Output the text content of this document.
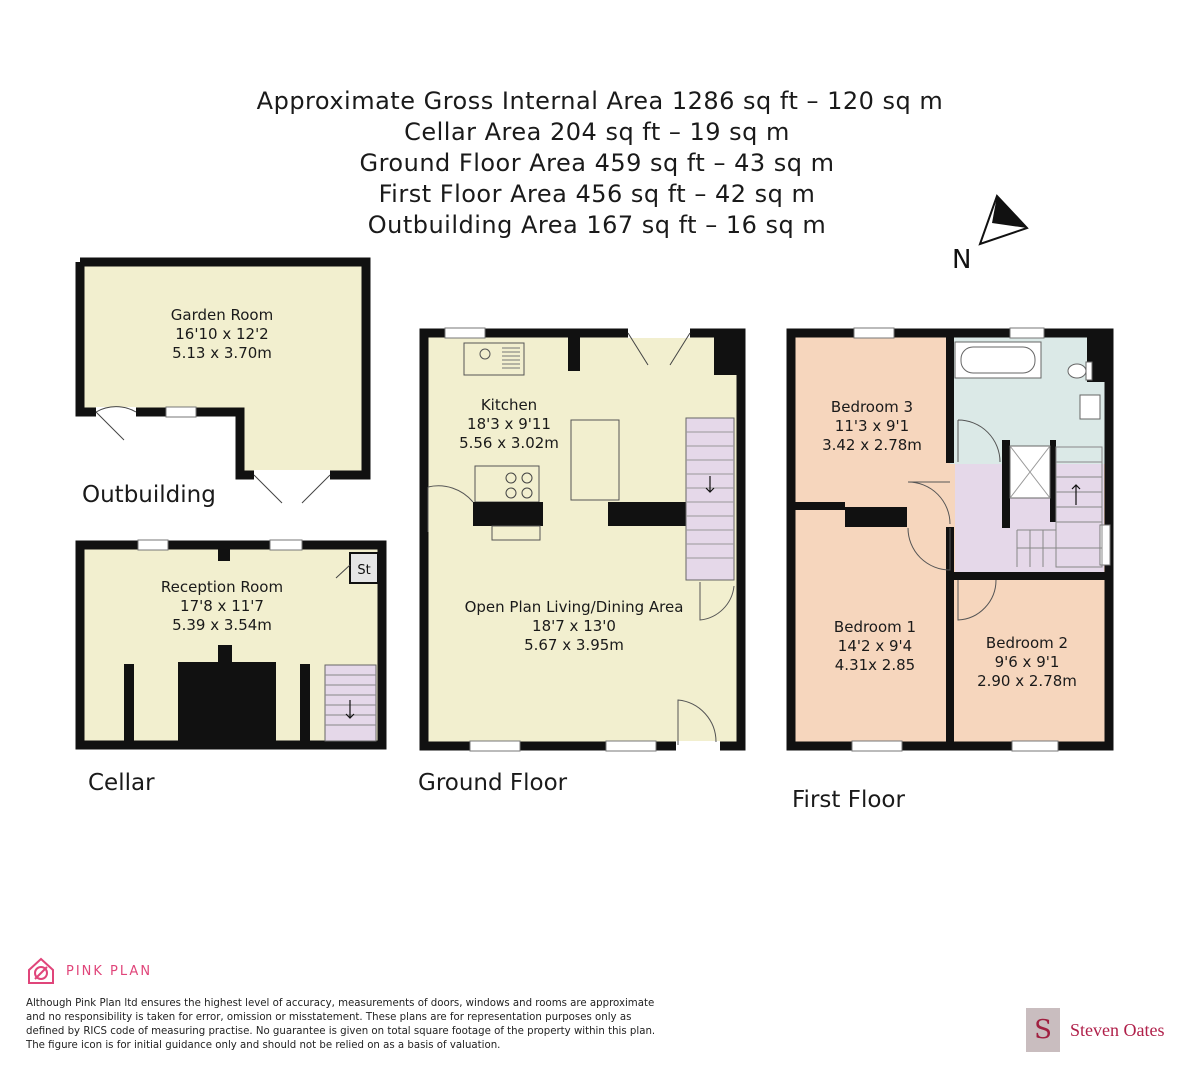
Approximate Gross Internal Area 1286 sq ft – 120 sq m
Cellar Area 204 sq ft – 19 sq m
Ground Floor Area 459 sq ft – 43 sq m
First Floor Area 456 sq ft – 42 sq m
Outbuilding Area 167 sq ft – 16 sq m
N
Garden Room
16'10 x 12'2
5.13 x 3.70m
Outbuilding
St
Reception Room
17'8 x 11'7
5.39 x 3.54m
Cellar
Kitchen
18'3 x 9'11
5.56 x 3.02m
Open Plan Living/Dining Area
18'7 x 13'0
5.67 x 3.95m
Ground Floor
Bedroom 3
11'3 x 9'1
3.42 x 2.78m
Bedroom 1
14'2 x 9'4
4.31x 2.85
Bedroom 2
9'6 x 9'1
2.90 x 2.78m
First Floor
PINK PLAN
Although Pink Plan ltd ensures the highest level of accuracy, measurements of doors, windows and rooms are approximate and no responsibility is taken for error, omission or misstatement. These plans are for representation purposes only as defined by RICS code of measuring practise. No guarantee is given on total square footage of the property within this plan. The figure icon is for initial guidance only and should not be relied on as a basis of valuation.
S	Steven Oates
